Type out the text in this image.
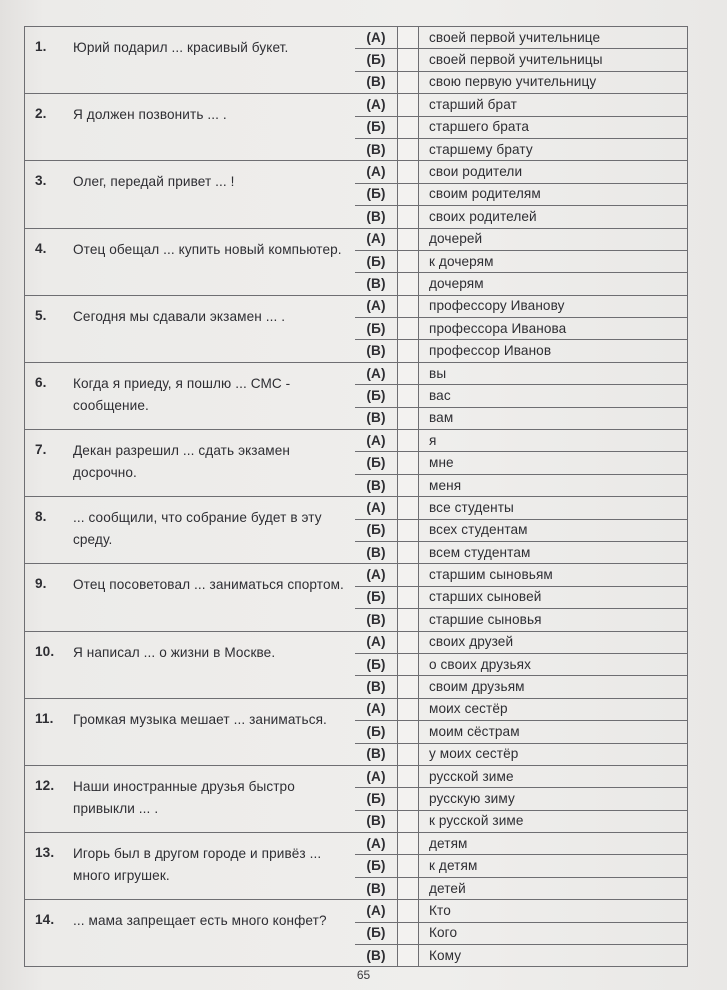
1. Юрий подарил ... красивый букет.	(А)		своей первой учительнице
	(Б)		своей первой учительницы
	(В)		свою первую учительницу

2. Я должен позвонить ... .	(А)		старший брат
	(Б)		старшего брата
	(В)		старшему брату

3. Олег, передай привет ... !	(А)		свои родители
	(Б)		своим родителям
	(В)		своих родителей

4. Отец обещал ... купить новый компьютер.	(А)		дочерей
	(Б)		к дочерям
	(В)		дочерям

5. Сегодня мы сдавали экзамен ... .	(А)		профессору Иванову
	(Б)		профессора Иванова
	(В)		профессор Иванов

6. Когда я приеду, я пошлю ... СМС - сообщение.	(А)		вы
	(Б)		вас
	(В)		вам

7. Декан разрешил ... сдать экзамен досрочно.	(А)		я
	(Б)		мне
	(В)		меня

8. ... сообщили, что собрание будет в эту среду.	(А)		все студенты
	(Б)		всех студентам
	(В)		всем студентам

9. Отец посоветовал ... заниматься спортом.	(А)		старшим сыновьям
	(Б)		старших сыновей
	(В)		старшие сыновья

10. Я написал ... о жизни в Москве.	(А)		своих друзей
	(Б)		о своих друзьях
	(В)		своим друзьям

11. Громкая музыка мешает ... заниматься.	(А)		моих сестёр
	(Б)		моим сёстрам
	(В)		у моих сестёр

12. Наши иностранные друзья быстро привыкли ... .	(А)		русской зиме
	(Б)		русскую зиму
	(В)		к русской зиме

13. Игорь был в другом городе и привёз ... много игрушек.	(А)		детям
	(Б)		к детям
	(В)		детей

14. ... мама запрещает есть много конфет?	(А)		Кто
	(Б)		Кого
	(В)		Кому
65
